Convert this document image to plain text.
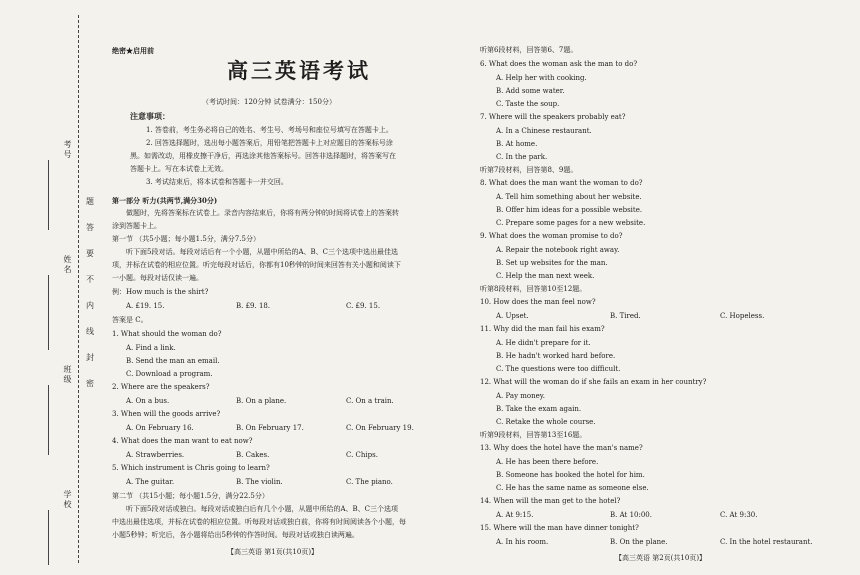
考号
姓名
班级
学校
题
答
要
不
内
线
封
密
绝密★启用前
高三英语考试
（考试时间：120分钟 试卷满分：150分）
注意事项：
1. 答卷前，考生务必将自己的姓名、考生号、考场号和座位号填写在答题卡上。
2. 回答选择题时，选出每小题答案后，用铅笔把答题卡上对应题目的答案标号涂
黑。如需改动，用橡皮擦干净后，再选涂其他答案标号。回答非选择题时，将答案写在
答题卡上。写在本试卷上无效。
3. 考试结束后，将本试卷和答题卡一并交回。
第一部分 听力(共两节,满分30分)
做题时，先将答案标在试卷上。录音内容结束后，你将有两分钟的时间将试卷上的答案转
涂到答题卡上。
第一节 （共5小题；每小题1.5分，满分7.5分）
听下面5段对话。每段对话后有一个小题，从题中所给的A、B、C三个选项中选出最佳选
项，并标在试卷的相应位置。听完每段对话后，你都有10秒钟的时间来回答有关小题和阅读下
一小题。每段对话仅读一遍。
例：How much is the shirt?
A. £19. 15.	B. £9. 18.	C. £9. 15.
答案是 C。
1. What should the woman do?
A. Find a link.
B. Send the man an email.
C. Download a program.
2. Where are the speakers?
A. On a bus.	B. On a plane.	C. On a train.
3. When will the goods arrive?
A. On February 16.	B. On February 17.	C. On February 19.
4. What does the man want to eat now?
A. Strawberries.	B. Cakes.	C. Chips.
5. Which instrument is Chris going to learn?
A. The guitar.	B. The violin.	C. The piano.
第二节 （共15小题；每小题1.5分，满分22.5分）
听下面5段对话或独白。每段对话或独白后有几个小题，从题中所给的A、B、C三个选项
中选出最佳选项，并标在试卷的相应位置。听每段对话或独白前，你将有时间阅读各个小题，每
小题5秒钟；听完后，各小题将给出5秒钟的作答时间。每段对话或独白读两遍。
【高三英语 第1页(共10页)】
听第6段材料，回答第6、7题。
6. What does the woman ask the man to do?
A. Help her with cooking.
B. Add some water.
C. Taste the soup.
7. Where will the speakers probably eat?
A. In a Chinese restaurant.
B. At home.
C. In the park.
听第7段材料，回答第8、9题。
8. What does the man want the woman to do?
A. Tell him something about her website.
B. Offer him ideas for a possible website.
C. Prepare some pages for a new website.
9. What does the woman promise to do?
A. Repair the notebook right away.
B. Set up websites for the man.
C. Help the man next week.
听第8段材料，回答第10至12题。
10. How does the man feel now?
A. Upset.	B. Tired.	C. Hopeless.
11. Why did the man fail his exam?
A. He didn't prepare for it.
B. He hadn't worked hard before.
C. The questions were too difficult.
12. What will the woman do if she fails an exam in her country?
A. Pay money.
B. Take the exam again.
C. Retake the whole course.
听第9段材料，回答第13至16题。
13. Why does the hotel have the man's name?
A. He has been there before.
B. Someone has booked the hotel for him.
C. He has the same name as someone else.
14. When will the man get to the hotel?
A. At 9:15.	B. At 10:00.	C. At 9:30.
15. Where will the man have dinner tonight?
A. In his room.	B. On the plane.	C. In the hotel restaurant.
【高三英语 第2页(共10页)】
